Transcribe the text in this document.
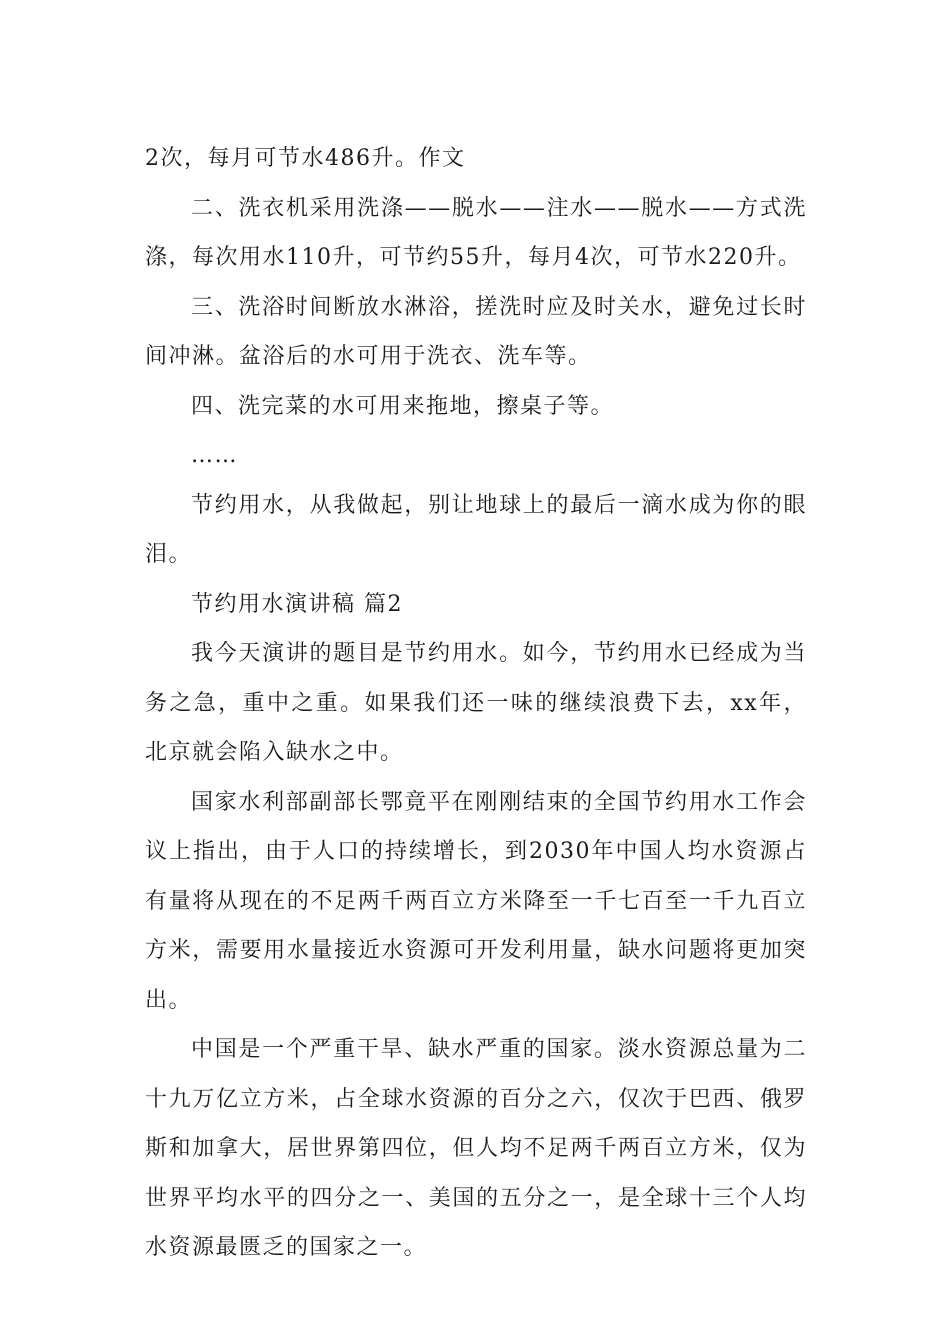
2次，每月可节水486升。作文

二、洗衣机采用洗涤——脱水——注水——脱水——方式洗涤，每次用水110升，可节约55升，每月4次，可节水220升。

三、洗浴时间断放水淋浴，搓洗时应及时关水，避免过长时间冲淋。盆浴后的水可用于洗衣、洗车等。

四、洗完菜的水可用来拖地，擦桌子等。

……

节约用水，从我做起，别让地球上的最后一滴水成为你的眼泪。

节约用水演讲稿 篇2

我今天演讲的题目是节约用水。如今，节约用水已经成为当务之急，重中之重。如果我们还一味的继续浪费下去，xx年，北京就会陷入缺水之中。

国家水利部副部长鄂竟平在刚刚结束的全国节约用水工作会议上指出，由于人口的持续增长，到2030年中国人均水资源占有量将从现在的不足两千两百立方米降至一千七百至一千九百立方米，需要用水量接近水资源可开发利用量，缺水问题将更加突出。

中国是一个严重干旱、缺水严重的国家。淡水资源总量为二十九万亿立方米，占全球水资源的百分之六，仅次于巴西、俄罗斯和加拿大，居世界第四位，但人均不足两千两百立方米，仅为世界平均水平的四分之一、美国的五分之一，是全球十三个人均水资源最匮乏的国家之一。
